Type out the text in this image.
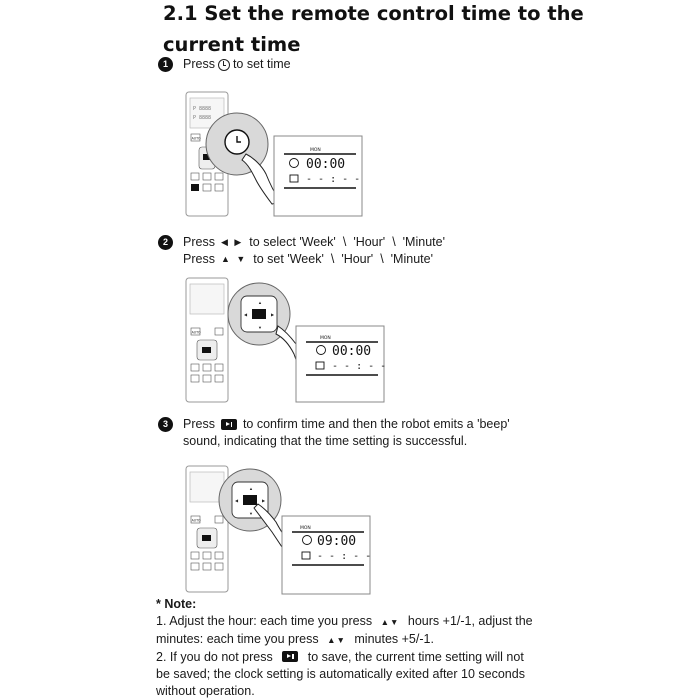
2.1 Set the remote control time to the
current time
1	Press to set time
P 8888
P 8888
AUTO
MON
00:00
- - : - -
2	Press ◀ ▶ to select 'Week' \ 'Hour' \ 'Minute'
Press ▲ ▼ to set 'Week' \ 'Hour' \ 'Minute'
AUTO
▲
▼
◀	▶
MON
00:00
- - : - -
3	Press to confirm time and then the robot emits a 'beep'
sound, indicating that the time setting is successful.
AUTO
▲
▼
◀	▶
MON
09:00
- - : - -

* Note:

1. Adjust the hour: each time you press ▲▼ hours +1/-1, adjust the

minutes: each time you press ▲▼ minutes +5/-1.

2. If you do not press	to save, the current time setting will not

be saved; the clock setting is automatically exited after 10 seconds

without operation.
